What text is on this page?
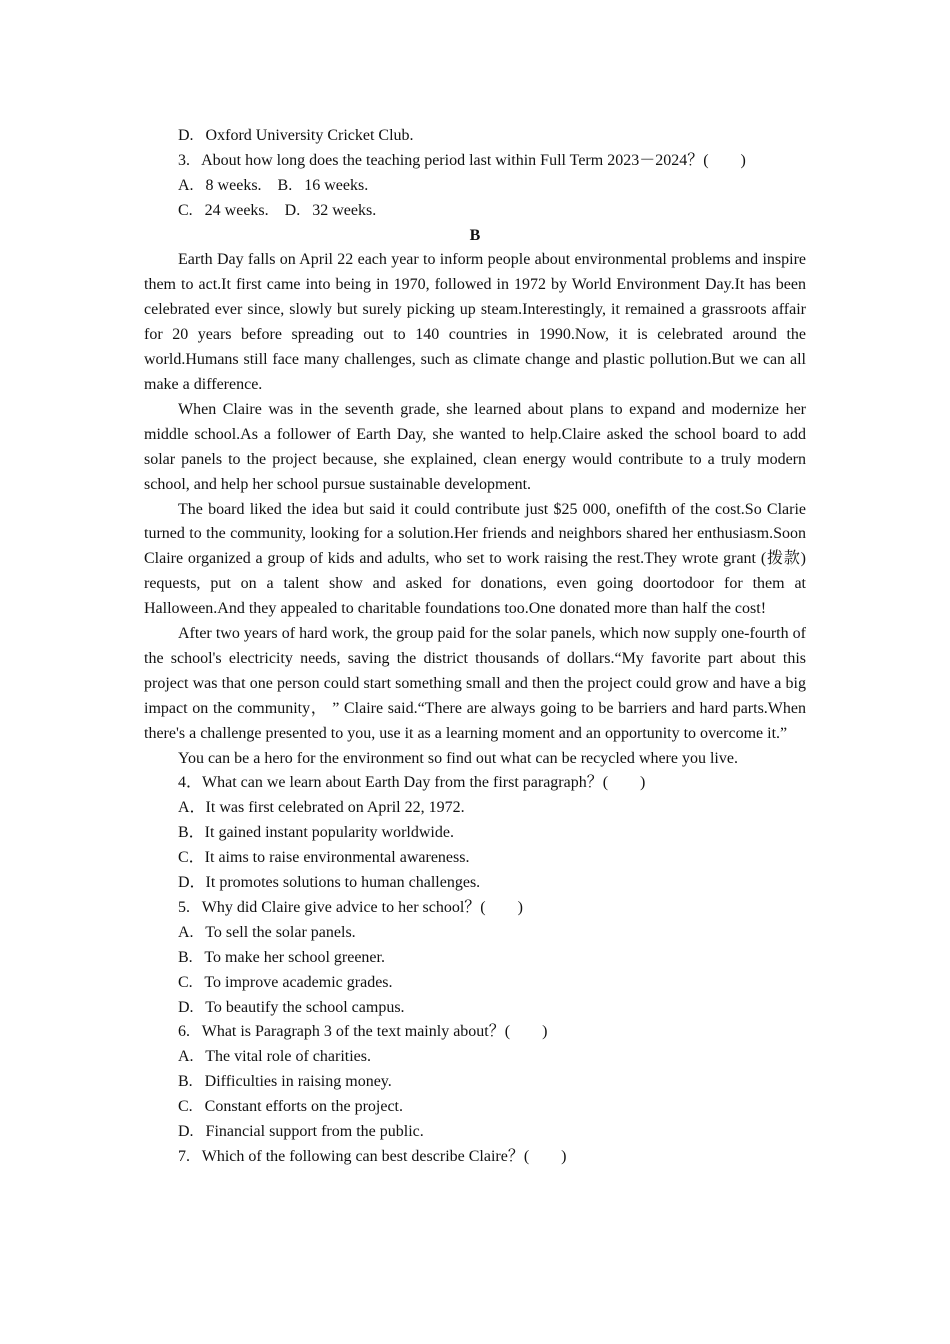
D.   Oxford University Cricket Club.
3.   About how long does the teaching period last within Full Term 2023－2024？(        )
A.   8 weeks.    B.   16 weeks.
C.   24 weeks.    D.   32 weeks.
B

Earth Day falls on April 22 each year to inform people about environmental problems and inspire them to act.It first came into being in 1970, followed in 1972 by World Environment Day.It has been celebrated ever since, slowly but surely picking up steam.Interestingly, it remained a grassroots affair for 20 years before spreading out to 140 countries in 1990.Now, it is celebrated around the world.Humans still face many challenges, such as climate change and plastic pollution.But we can all make a difference.

When Claire was in the seventh grade, she learned about plans to expand and modernize her middle school.As a follower of Earth Day, she wanted to help.Claire asked the school board to add solar panels to the project because, she explained, clean energy would contribute to a truly modern school, and help her school pursue sustainable development.

The board liked the idea but said it could contribute just $25 000, onefifth of the cost.So Clarie turned to the community, looking for a solution.Her friends and neighbors shared her enthusiasm.Soon Claire organized a group of kids and adults, who set to work raising the rest.They wrote grant (拨款) requests, put on a talent show and asked for donations, even going doortodoor for them at Halloween.And they appealed to charitable foundations too.One donated more than half the cost!

After two years of hard work, the group paid for the solar panels, which now supply one-fourth of the school's electricity needs, saving the district thousands of dollars.“My favorite part about this project was that one person could start something small and then the project could grow and have a big impact on the community， ” Claire said.“There are always going to be barriers and hard parts.When there's a challenge presented to you, use it as a learning moment and an opportunity to overcome it.”

You can be a hero for the environment so find out what can be recycled where you live.

4．What can we learn about Earth Day from the first paragraph？(        )
A．It was first celebrated on April 22, 1972.
B．It gained instant popularity worldwide.
C．It aims to raise environmental awareness.
D．It promotes solutions to human challenges.
5.   Why did Claire give advice to her school？(        )
A.   To sell the solar panels.
B.   To make her school greener.
C.   To improve academic grades.
D.   To beautify the school campus.
6.   What is Paragraph 3 of the text mainly about？(        )
A.   The vital role of charities.
B.   Difficulties in raising money.
C.   Constant efforts on the project.
D.   Financial support from the public.
7.   Which of the following can best describe Claire？(        )
